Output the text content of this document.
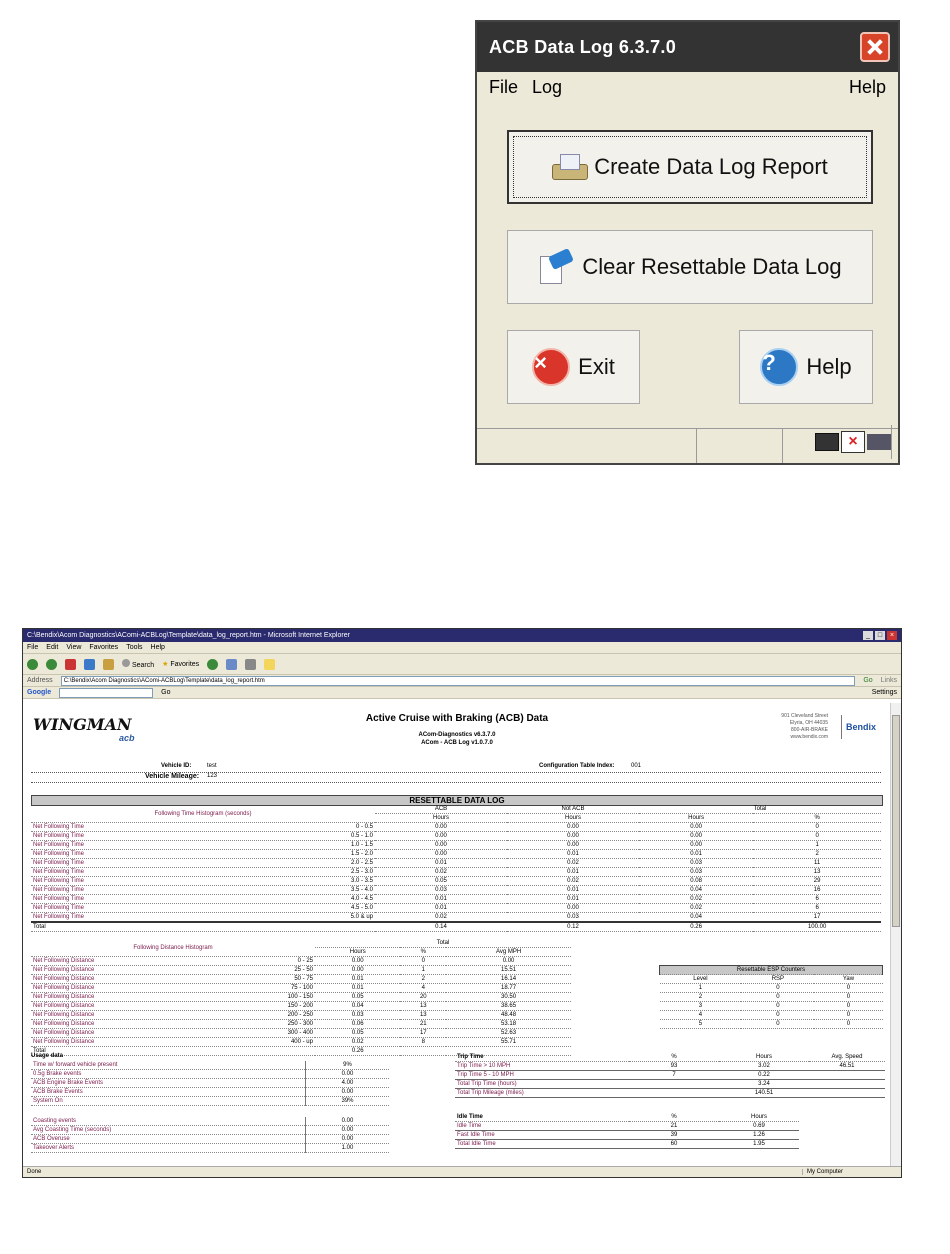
ACB Data Log 6.3.7.0
File Log	Help
Create Data Log Report
Clear Resettable Data Log
×	Exit	?	Help
×
C:\Bendix\Acom Diagnostics\AComi-ACBLog\Template\data_log_report.htm - Microsoft Internet Explorer	_	□	×
File Edit View Favorites Tools Help
Search ★ Favorites
Address	C:\Bendix\Acom Diagnostics\AComi-ACBLog\Template\data_log_report.htm	Go Links
Google	Go	Settings
WINGMAN
acb
Active Cruise with Braking (ACB) Data
ACom-Diagnostics v6.3.7.0
ACom - ACB Log v1.0.7.0
901 Cleveland Street
Elyria, OH 44035
800-AIR-BRAKE
www.bendix.com
Bendix
Vehicle ID:	test	Configuration Table Index:	001
Vehicle Mileage: 123
RESETTABLE DATA LOG
Following Time Histogram (seconds)	ACB	Not ACB	Total	
	Hours	Hours	Hours	%
Net Following Time 0 - 0.5	0.00	0.00	0.00	0
Net Following Time 0.5 - 1.0	0.00	0.00	0.00	0
Net Following Time 1.0 - 1.5	0.00	0.00	0.00	1
Net Following Time 1.5 - 2.0	0.00	0.01	0.01	2
Net Following Time 2.0 - 2.5	0.01	0.02	0.03	11
Net Following Time 2.5 - 3.0	0.02	0.01	0.03	13
Net Following Time 3.0 - 3.5	0.05	0.02	0.08	29
Net Following Time 3.5 - 4.0	0.03	0.01	0.04	16
Net Following Time 4.0 - 4.5	0.01	0.01	0.02	6
Net Following Time 4.5 - 5.0	0.01	0.00	0.02	6
Net Following Time 5.0 & up	0.02	0.03	0.04	17
Total	0.14	0.12	0.26	100.00
Following Distance Histogram	Total		
	Hours	%	Avg MPH
Net Following Distance 0 - 25	0.00	0	0.00
Net Following Distance 25 - 50	0.00	1	15.51
Net Following Distance 50 - 75	0.01	2	16.14
Net Following Distance 75 - 100	0.01	4	18.77
Net Following Distance 100 - 150	0.05	20	30.50
Net Following Distance 150 - 200	0.04	13	38.65
Net Following Distance 200 - 250	0.03	13	48.48
Net Following Distance 250 - 300	0.06	21	53.18
Net Following Distance 300 - 400	0.05	17	52.63
Net Following Distance 400 - up	0.02	8	55.71
Total	0.26		
Resettable ESP Counters		
Level	RSP	Yaw
1	0	0
2	0	0
3	0	0
4	0	0
5	0	0
Usage data
Time w/ forward vehicle present	9%
0.5g Brake events	0.00
ACB Engine Brake Events	4.00
ACB Brake Events	0.00
System On	39%
Coasting events	0.00
Avg Coasting Time (seconds)	0.00
ACB Overuse	0.00
Takeover Alerts	1.00
Trip Time	%	Hours	Avg. Speed
Trip Time > 10 MPH	93	3.02	46.51
Trip Time 5 - 10 MPH	7	0.22	
Total Trip Time (hours)		3.24	
Total Trip Mileage (miles)		140.51	
Idle Time	%	Hours
Idle Time	21	0.69
Fast Idle Time	39	1.26
Total Idle Time	60	1.95
Done	My Computer
